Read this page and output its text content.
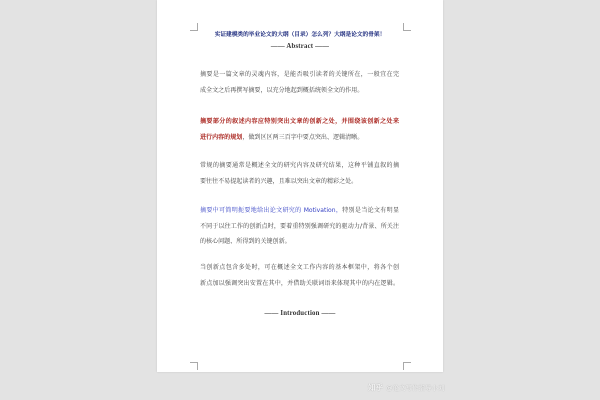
实证建模类的毕业论文的大纲（目录）怎么列？大纲是论文的骨架！
—— Abstract ——
摘要是一篇文章的灵魂内容，是能否吸引读者的关键所在，一般宜在完
成全文之后再撰写摘要，以充分地起到概括统领全文的作用。
摘要部分的叙述内容应特别突出文章的创新之处，并围绕该创新之处来
进行内容的规划，做到区区两三百字中要点突出、逻辑清晰。
常规的摘要通常是概述全文的研究内容及研究结果，这种平铺直叙的摘
要往往不易提起读者的兴趣，且难以突出文章的精彩之处。
摘要中可简明扼要地给出论文研究的 Motivation，特别是当论文有明显
不同于以往工作的创新点时，要着重特别强调研究的驱动力/背景、所关注
的核心问题、所得到的关键创新。
当创新点包含多处时，可在概述全文工作内容的基本框架中，将各个创
新点加以强调突出安置在其中，并借助关联词语来体现其中的内在逻辑。
—— Introduction ——
知乎 @论文写作指导小刘
